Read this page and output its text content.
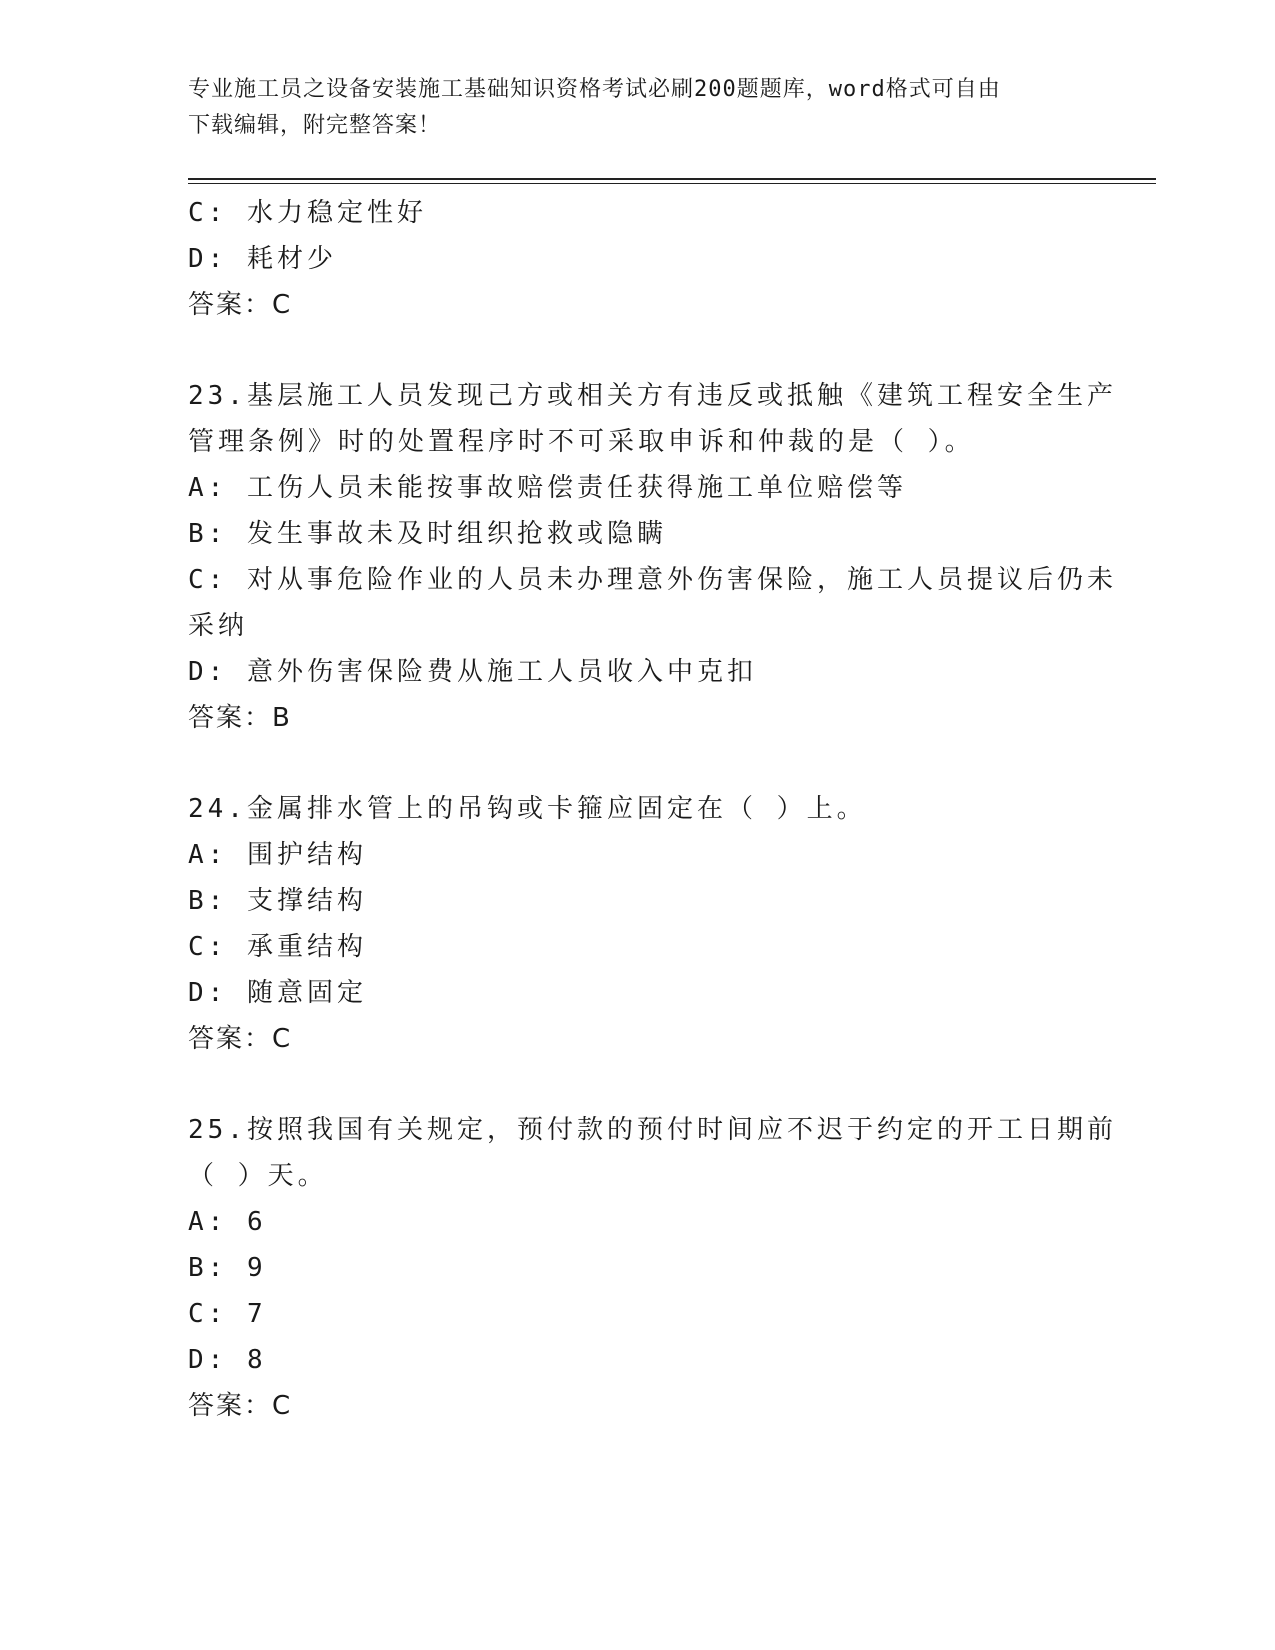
专业施工员之设备安装施工基础知识资格考试必刷200题题库，word格式可自由
下载编辑，附完整答案！
C: 水力稳定性好
D: 耗材少
答案：C
23.基层施工人员发现己方或相关方有违反或抵触《建筑工程安全生产
管理条例》时的处置程序时不可采取申诉和仲裁的是（ ）。
A: 工伤人员未能按事故赔偿责任获得施工单位赔偿等
B: 发生事故未及时组织抢救或隐瞒
C: 对从事危险作业的人员未办理意外伤害保险，施工人员提议后仍未
采纳
D: 意外伤害保险费从施工人员收入中克扣
答案：B
24.金属排水管上的吊钩或卡箍应固定在（ ）上。
A: 围护结构
B: 支撑结构
C: 承重结构
D: 随意固定
答案：C
25.按照我国有关规定，预付款的预付时间应不迟于约定的开工日期前
（ ）天。
A: 6
B: 9
C: 7
D: 8
答案：C
